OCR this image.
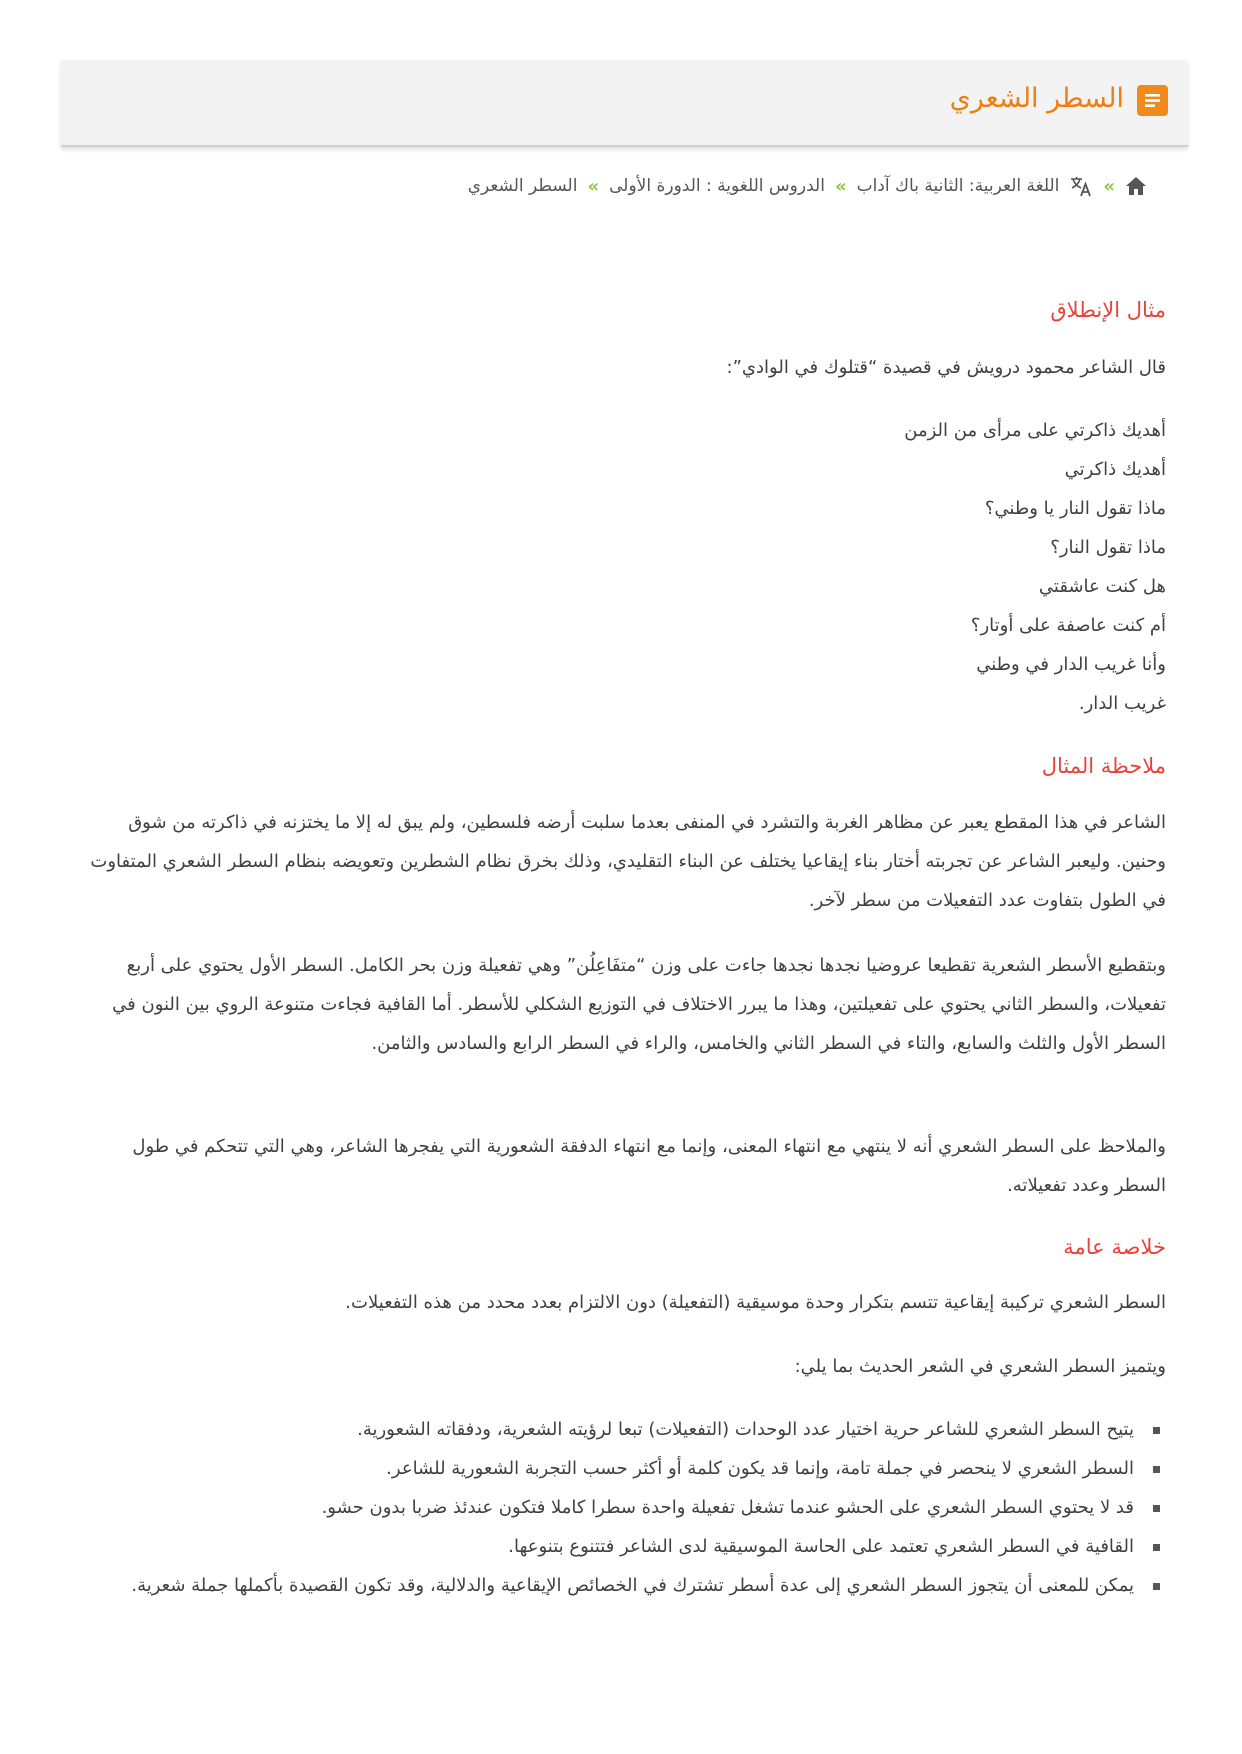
السطر الشعري
»
اللغة العربية: الثانية باك آداب
»
الدروس اللغوية : الدورة الأولى
»
السطر الشعري
مثال الإنطلاق

قال الشاعر محمود درويش في قصيدة “قتلوك في الوادي”:

أهديك ذاكرتي على مرأى من الزمن
أهديك ذاكرتي
ماذا تقول النار يا وطني؟
ماذا تقول النار؟
هل كنت عاشقتي
أم كنت عاصفة على أوتار؟
وأنا غريب الدار في وطني
غريب الدار.
ملاحظة المثال

الشاعر في هذا المقطع يعبر عن مظاهر الغربة والتشرد في المنفى بعدما سلبت أرضه فلسطين، ولم يبق له إلا ما يختزنه في ذاكرته من شوق وحنين. وليعبر الشاعر عن تجربته أختار بناء إيقاعيا يختلف عن البناء التقليدي، وذلك بخرق نظام الشطرين وتعويضه بنظام السطر الشعري المتفاوت في الطول بتفاوت عدد التفعيلات من سطر لآخر.

وبتقطيع الأسطر الشعرية تقطيعا عروضيا نجدها نجدها جاءت على وزن “متفَاعِلُن” وهي تفعيلة وزن بحر الكامل. السطر الأول يحتوي على أربع تفعيلات، والسطر الثاني يحتوي على تفعيلتين، وهذا ما يبرر الاختلاف في التوزيع الشكلي للأسطر. أما القافية فجاءت متنوعة الروي بين النون في السطر الأول والثلث والسابع، والتاء في السطر الثاني والخامس، والراء في السطر الرابع والسادس والثامن.

والملاحظ على السطر الشعري أنه لا ينتهي مع انتهاء المعنى، وإنما مع انتهاء الدفقة الشعورية التي يفجرها الشاعر، وهي التي تتحكم في طول السطر وعدد تفعيلاته.

خلاصة عامة

السطر الشعري تركيبة إيقاعية تتسم بتكرار وحدة موسيقية (التفعيلة) دون الالتزام بعدد محدد من هذه التفعيلات.

ويتميز السطر الشعري في الشعر الحديث بما يلي:

يتيح السطر الشعري للشاعر حرية اختيار عدد الوحدات (التفعيلات) تبعا لرؤيته الشعرية، ودفقاته الشعورية.
السطر الشعري لا ينحصر في جملة تامة، وإنما قد يكون كلمة أو أكثر حسب التجربة الشعورية للشاعر.
قد لا يحتوي السطر الشعري على الحشو عندما تشغل تفعيلة واحدة سطرا كاملا فتكون عندئذ ضربا بدون حشو.
القافية في السطر الشعري تعتمد على الحاسة الموسيقية لدى الشاعر فتتنوع بتنوعها.
يمكن للمعنى أن يتجوز السطر الشعري إلى عدة أسطر تشترك في الخصائص الإيقاعية والدلالية، وقد تكون القصيدة بأكملها جملة شعرية.
